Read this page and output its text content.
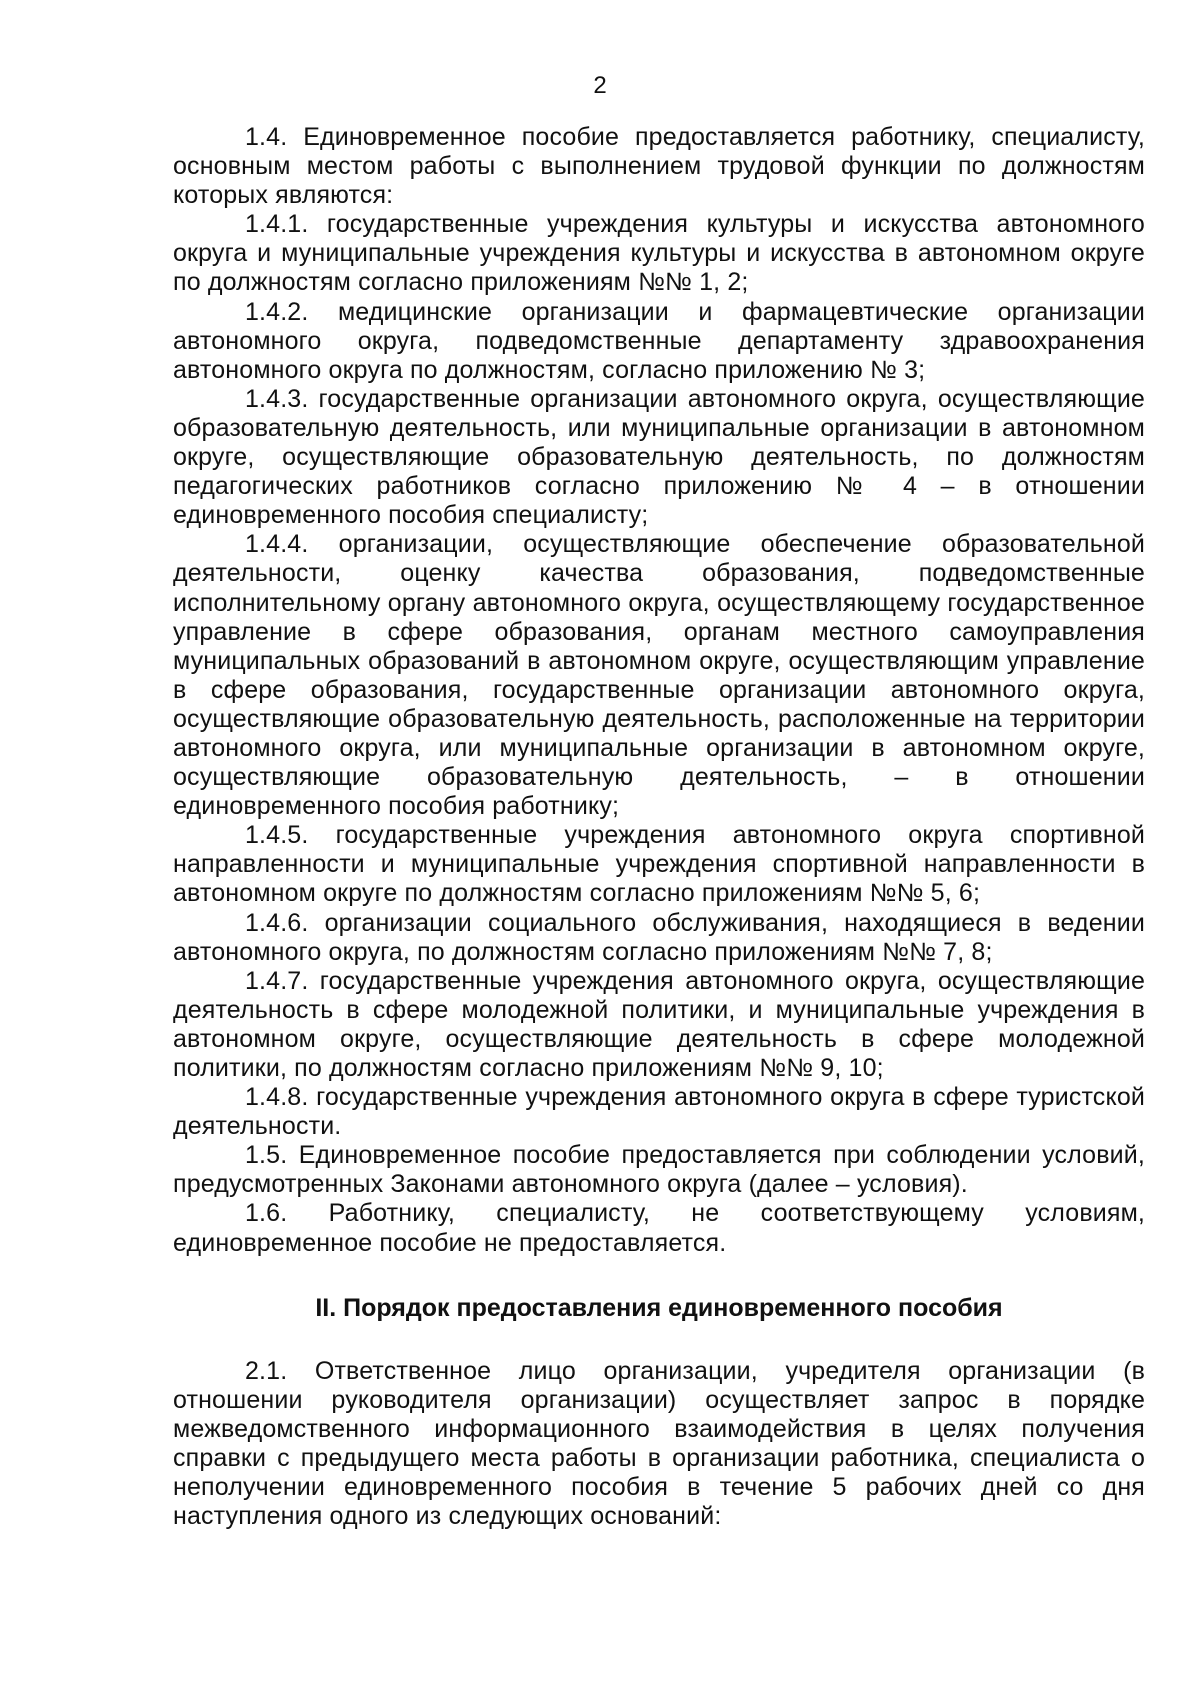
2

1.4. Единовременное пособие предоставляется работнику, специалисту, основным местом работы с выполнением трудовой функции по должностям которых являются:

1.4.1. государственные учреждения культуры и искусства автономного округа и муниципальные учреждения культуры и искусства в автономном округе по должностям согласно приложениям №№ 1, 2;

1.4.2. медицинские организации и фармацевтические организации автономного округа, подведомственные департаменту здравоохранения автономного округа по должностям, согласно приложению № 3;

1.4.3. государственные организации автономного округа, осуществляющие образовательную деятельность, или муниципальные организации в автономном округе, осуществляющие образовательную деятельность, по должностям педагогических работников согласно приложению № 4 – в отношении единовременного пособия специалисту;

1.4.4. организации, осуществляющие обеспечение образовательной деятельности, оценку качества образования, подведомственные исполнительному органу автономного округа, осуществляющему государственное управление в сфере образования, органам местного самоуправления муниципальных образований в автономном округе, осуществляющим управление в сфере образования, государственные организации автономного округа, осуществляющие образовательную деятельность, расположенные на территории автономного округа, или муниципальные организации в автономном округе, осуществляющие образовательную деятельность, – в отношении единовременного пособия работнику;

1.4.5. государственные учреждения автономного округа спортивной направленности и муниципальные учреждения спортивной направленности в автономном округе по должностям согласно приложениям №№ 5, 6;

1.4.6. организации социального обслуживания, находящиеся в ведении автономного округа, по должностям согласно приложениям №№ 7, 8;

1.4.7. государственные учреждения автономного округа, осуществляющие деятельность в сфере молодежной политики, и муниципальные учреждения в автономном округе, осуществляющие деятельность в сфере молодежной политики, по должностям согласно приложениям №№ 9, 10;

1.4.8. государственные учреждения автономного округа в сфере туристской деятельности.

1.5. Единовременное пособие предоставляется при соблюдении условий, предусмотренных Законами автономного округа (далее – условия).

1.6. Работнику, специалисту, не соответствующему условиям, единовременное пособие не предоставляется.

II. Порядок предоставления единовременного пособия

2.1. Ответственное лицо организации, учредителя организации (в отношении руководителя организации) осуществляет запрос в порядке межведомственного информационного взаимодействия в целях получения справки с предыдущего места работы в организации работника, специалиста о неполучении единовременного пособия в течение 5 рабочих дней со дня наступления одного из следующих оснований:
